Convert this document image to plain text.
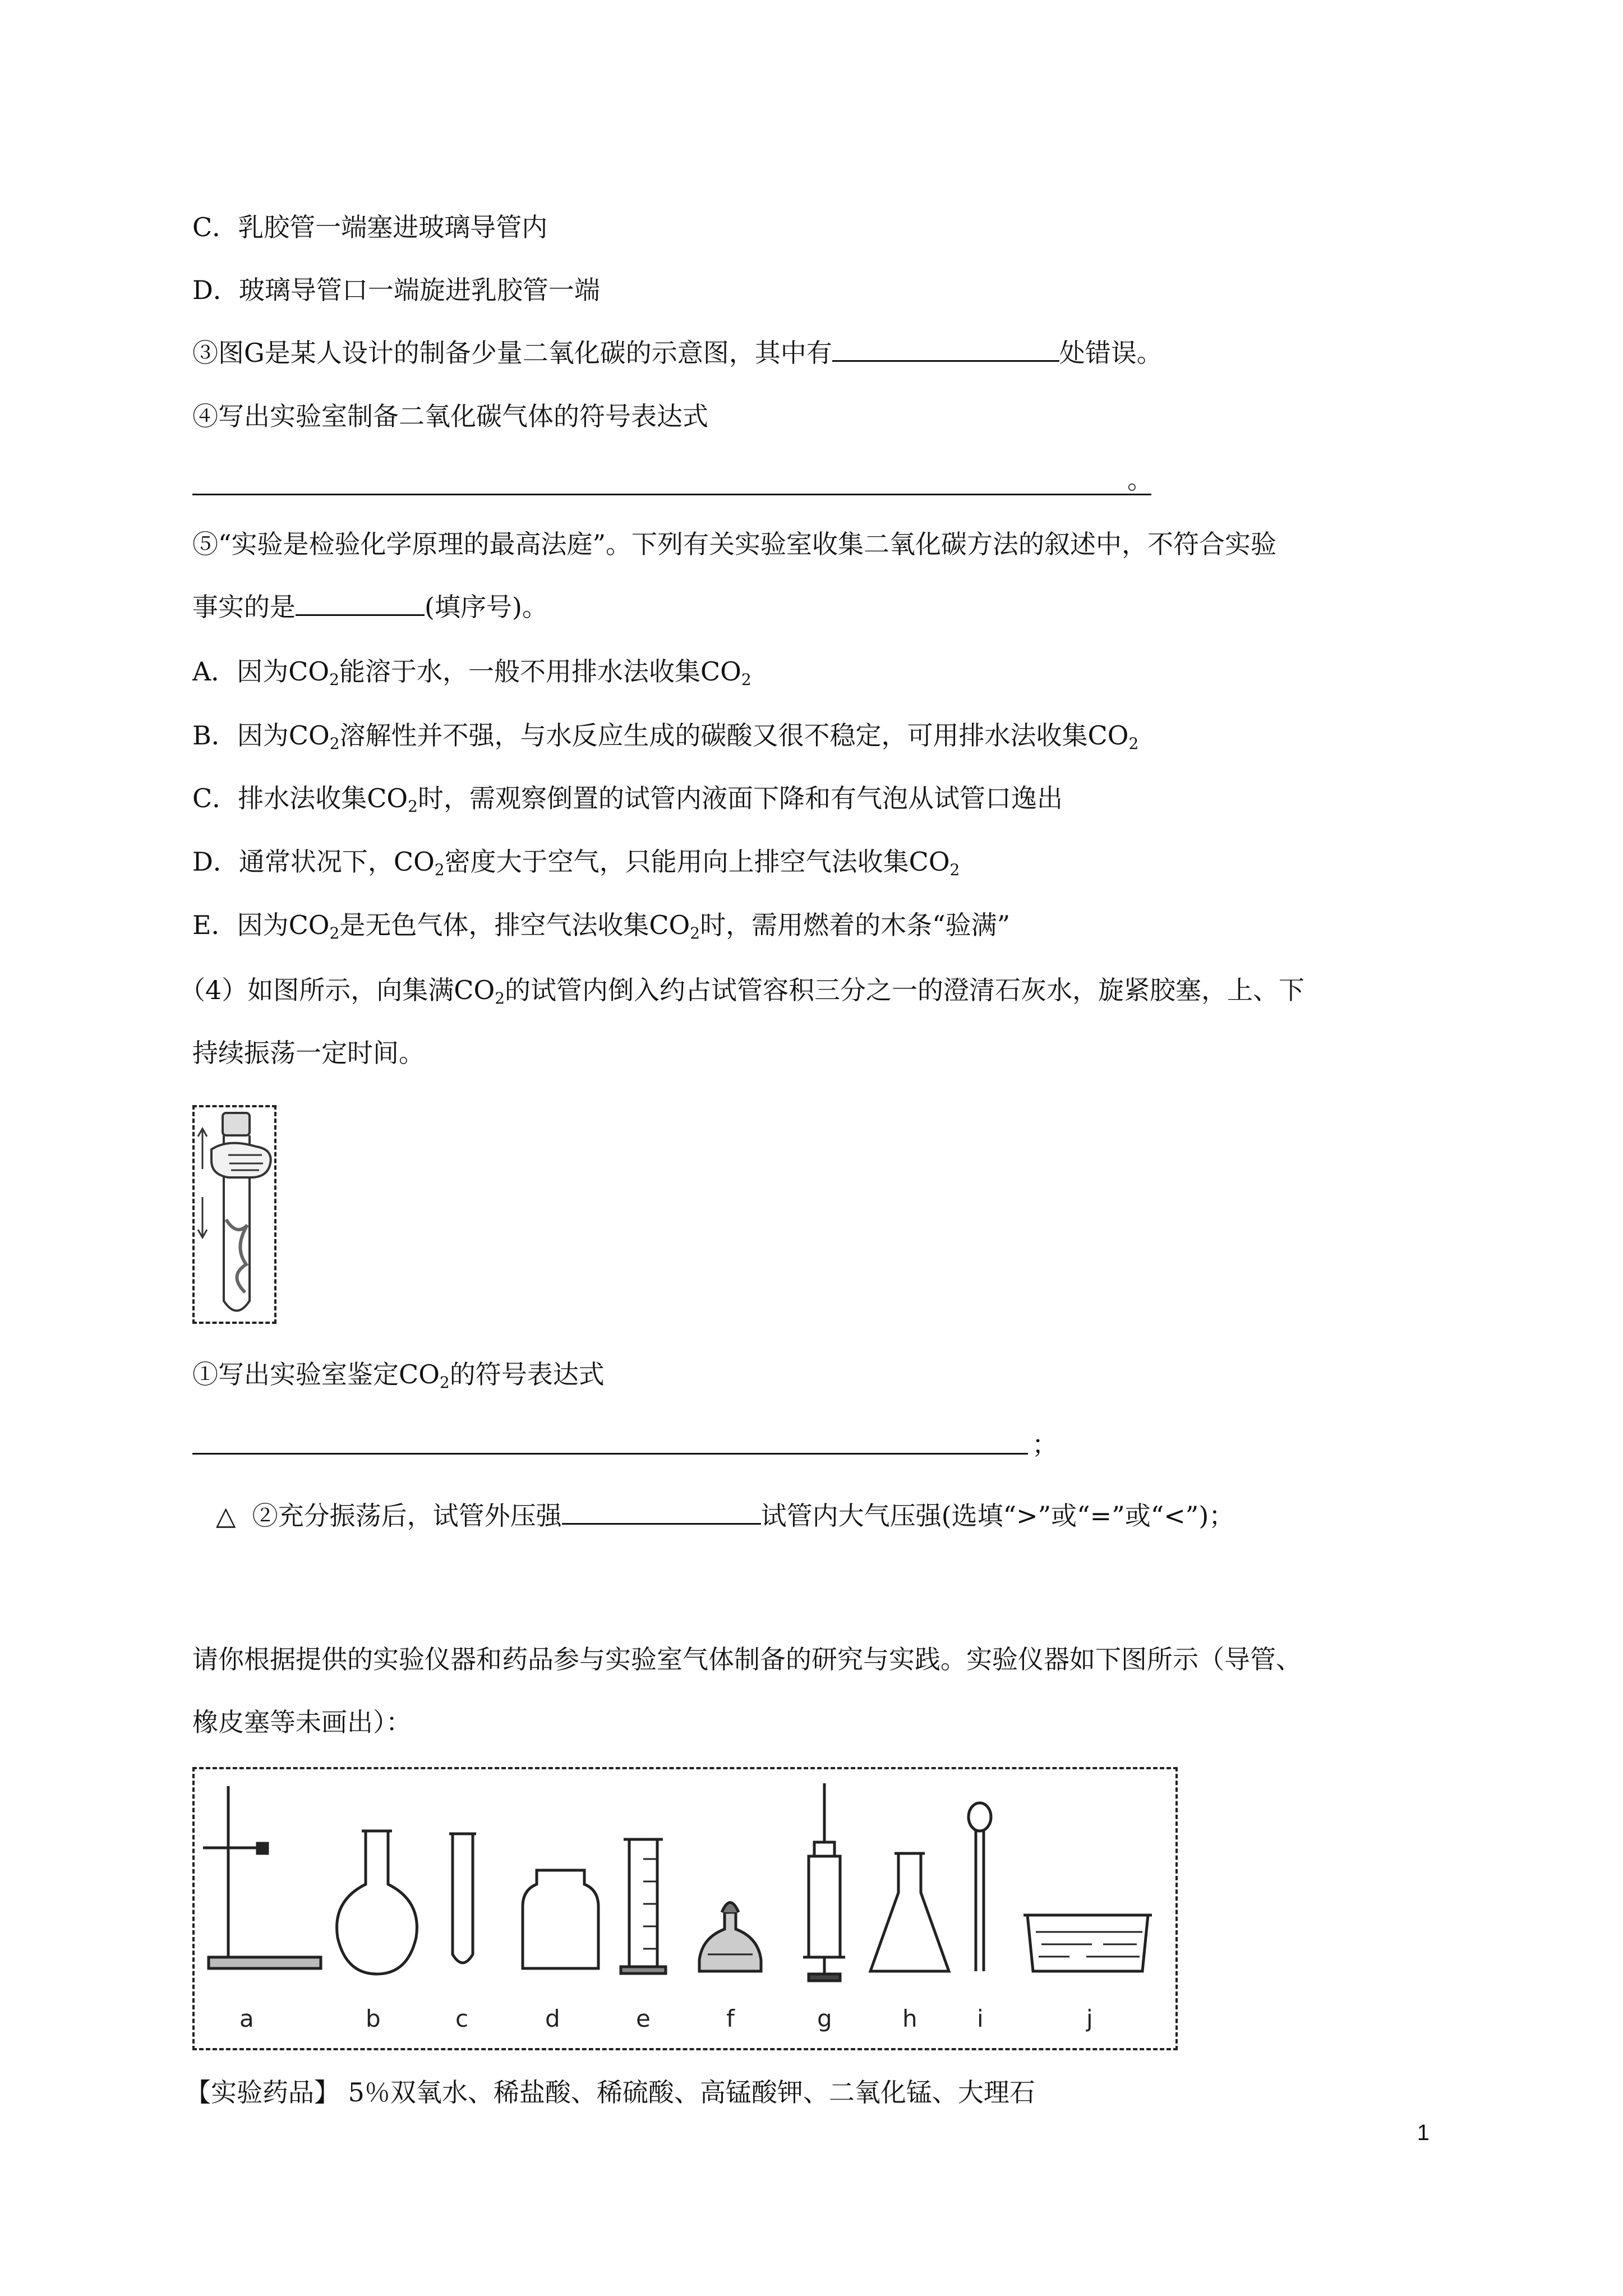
C．乳胶管一端塞进玻璃导管内
D．玻璃导管口一端旋进乳胶管一端
③图G是某人设计的制备少量二氧化碳的示意图，其中有	处错误。
④写出实验室制备二氧化碳气体的符号表达式
。
⑤“实验是检验化学原理的最高法庭”。下列有关实验室收集二氧化碳方法的叙述中，不符合实验
事实的是	(填序号)。
A．因为$CO_2$能溶于水，一般不用排水法收集$CO_2$
B．因为$CO_2$溶解性并不强，与水反应生成的碳酸又很不稳定，可用排水法收集$CO_2$
C．排水法收集$CO_2$时，需观察倒置的试管内液面下降和有气泡从试管口逸出
D．通常状况下，$CO_2$密度大于空气，只能用向上排空气法收集$CO_2$
E．因为$CO_2$是无色气体，排空气法收集$CO_2$时，需用燃着的木条“验满”
（4）如图所示，向集满$CO_2$的试管内倒入约占试管容积三分之一的澄清石灰水，旋紧胶塞，上、下
持续振荡一定时间。
①写出实验室鉴定$CO_2$的符号表达式
；
△ ②充分振荡后，试管外压强	试管内大气压强(选填“>”或“=”或“<”)；
请你根据提供的实验仪器和药品参与实验室气体制备的研究与实践。实验仪器如下图所示（导管、
橡皮塞等未画出）：
a	b	c	d	e	f	g	h	i	j
【实验药品】 5％双氧水、稀盐酸、稀硫酸、高锰酸钾、二氧化锰、大理石
1
